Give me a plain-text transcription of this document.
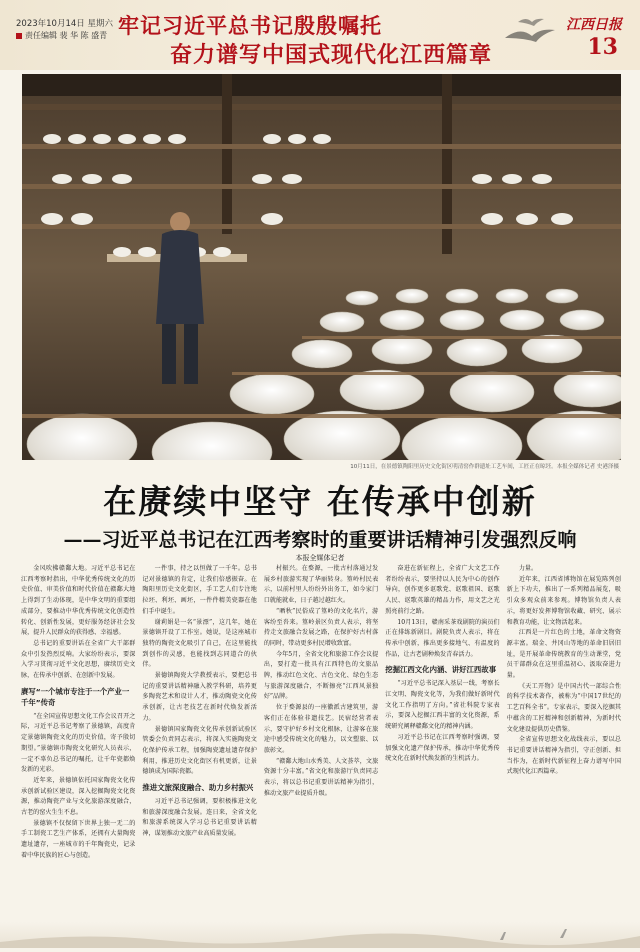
2023年10月14日 星期六
责任编辑 裴 华 陈 盛青 牢记习近平总书记殷殷嘱托
奋力谱写中国式现代化江西篇章
江西日报
13
10月11日，在景德镇陶阳里历史文化街区明清窑作群遗址工艺车间，工匠正在晾坯。本报全媒体记者 史港泽摄
在赓续中坚守 在传承中创新
——习近平总书记在江西考察时的重要讲话精神引发强烈反响
本报全媒体记者

金风吹拂赣鄱大地。习近平总书记在江西考察时指出，中华优秀传统文化的历史价值、审美价值和时代价值在赣鄱大地上得到了生动体现，是中华文明的重要组成部分，要推动中华优秀传统文化创造性转化、创新性发展，更好服务经济社会发展，提升人民群众的获得感、幸福感。

总书记的重要讲话在全省广大干部群众中引发热烈反响。大家纷纷表示，要深入学习贯彻习近平文化思想，赓续历史文脉，在传承中创新、在创新中发展。

赓写“一个城市专注于一个产业一千年”传奇

“在全国宣传思想文化工作会议召开之际，习近平总书记考察了景德镇，高度肯定景德镇陶瓷文化的历史价值，寄予殷切期望。”景德镇市陶瓷文化研究人员表示，一定不辜负总书记的嘱托，让千年瓷都焕发新的光彩。

近年来，景德镇依托国家陶瓷文化传承创新试验区建设，深入挖掘陶瓷文化资源，推动陶瓷产业与文化旅游深度融合，古老的窑火生生不息。

景德镇不仅保留下世界上独一无二的手工制瓷工艺生产体系，还拥有大量陶瓷遗址遗存，一座城市的千年陶瓷史，记录着中华民族的匠心与创造。

一件事，持之以恒做了一千年。总书记对景德镇的肯定，让我们倍感振奋。在陶阳里历史文化街区，手工艺人们专注地拉坯、利坯、画坯，一件件精美瓷器在他们手中诞生。

谢莉娟是一名“景漂”，这几年，她在景德镇开设了工作室。她说，是这座城市独特的陶瓷文化吸引了自己，在这里能找到创作的灵感，也能找到志同道合的伙伴。

景德镇陶瓷大学教授表示，要把总书记的重要讲话精神融入教学科研，培养更多陶瓷艺术和设计人才，推动陶瓷文化传承创新，让古老技艺在新时代焕发新活力。

景德镇国家陶瓷文化传承创新试验区管委会负责同志表示，将深入实施陶瓷文化保护传承工程，加强陶瓷遗址遗存保护利用，推进历史文化街区有机更新，让景德镇成为国际瓷都。

推进文旅深度融合、助力乡村振兴

习近平总书记强调，要积极推进文化和旅游深度融合发展。连日来，全省文化和旅游系统深入学习总书记重要讲话精神，谋划推动文旅产业高质量发展。

村振兴。在婺源，一批古村落通过发展乡村旅游实现了华丽转身。篁岭村民表示，以前村里人纷纷外出务工，如今家门口就能就业，日子越过越红火。

“晒秋”民俗成了篁岭的文化名片，游客纷至沓来。篁岭景区负责人表示，将坚持走文旅融合发展之路，在保护好古村落的同时，带动更多村民增收致富。

今年5月，全省文化和旅游工作会议提出，要打造一批具有江西特色的文旅品牌，推动红色文化、古色文化、绿色生态与旅游深度融合，不断擦亮“江西风景独好”品牌。

位于婺源县的一座徽派古建筑里，游客们正在体验非遗技艺。民宿经营者表示，要守护好乡村文化根脉，让游客在旅途中感受传统文化的魅力，以文塑旅、以旅彰文。

“赣鄱大地山水秀美、人文荟萃，文旅资源十分丰富。”省文化和旅游厅负责同志表示，将以总书记重要讲话精神为指引，推动文旅产业提质升级。

奋进在新征程上，全省广大文艺工作者纷纷表示，要坚持以人民为中心的创作导向，创作更多讴歌党、讴歌祖国、讴歌人民、讴歌英雄的精品力作，用文艺之光照亮前行之路。

10月13日，赣南采茶戏剧院的演员们正在排练新剧目。剧院负责人表示，将在传承中创新，推出更多接地气、有温度的作品，让古老剧种焕发青春活力。

挖掘江西文化内涵、讲好江西故事

“习近平总书记深入基层一线，考察长江文明、陶瓷文化等，为我们做好新时代文化工作指明了方向。”省社科院专家表示，要深入挖掘江西丰富的文化资源，系统研究阐释赣鄱文化的精神内涵。

习近平总书记在江西考察时强调，要加强文化遗产保护传承，推动中华优秀传统文化在新时代焕发新的生机活力。

力量。

近年来，江西省博物馆在展览陈列创新上下功夫，推出了一系列精品展览，吸引众多观众前来参观。博物馆负责人表示，将更好发挥博物馆收藏、研究、展示和教育功能，让文物活起来。

江西是一片红色的土地，革命文物资源丰富。瑞金、井冈山等地的革命旧居旧址，是开展革命传统教育的生动课堂，党员干部群众在这里重温初心、汲取奋进力量。

《天工开物》是中国古代一部综合性的科学技术著作，被称为“中国17世纪的工艺百科全书”。专家表示，要深入挖掘其中蕴含的工匠精神和创新精神，为新时代文化建设提供历史借鉴。

全省宣传思想文化战线表示，要以总书记重要讲话精神为指引，守正创新、担当作为，在新时代新征程上奋力谱写中国式现代化江西篇章。
